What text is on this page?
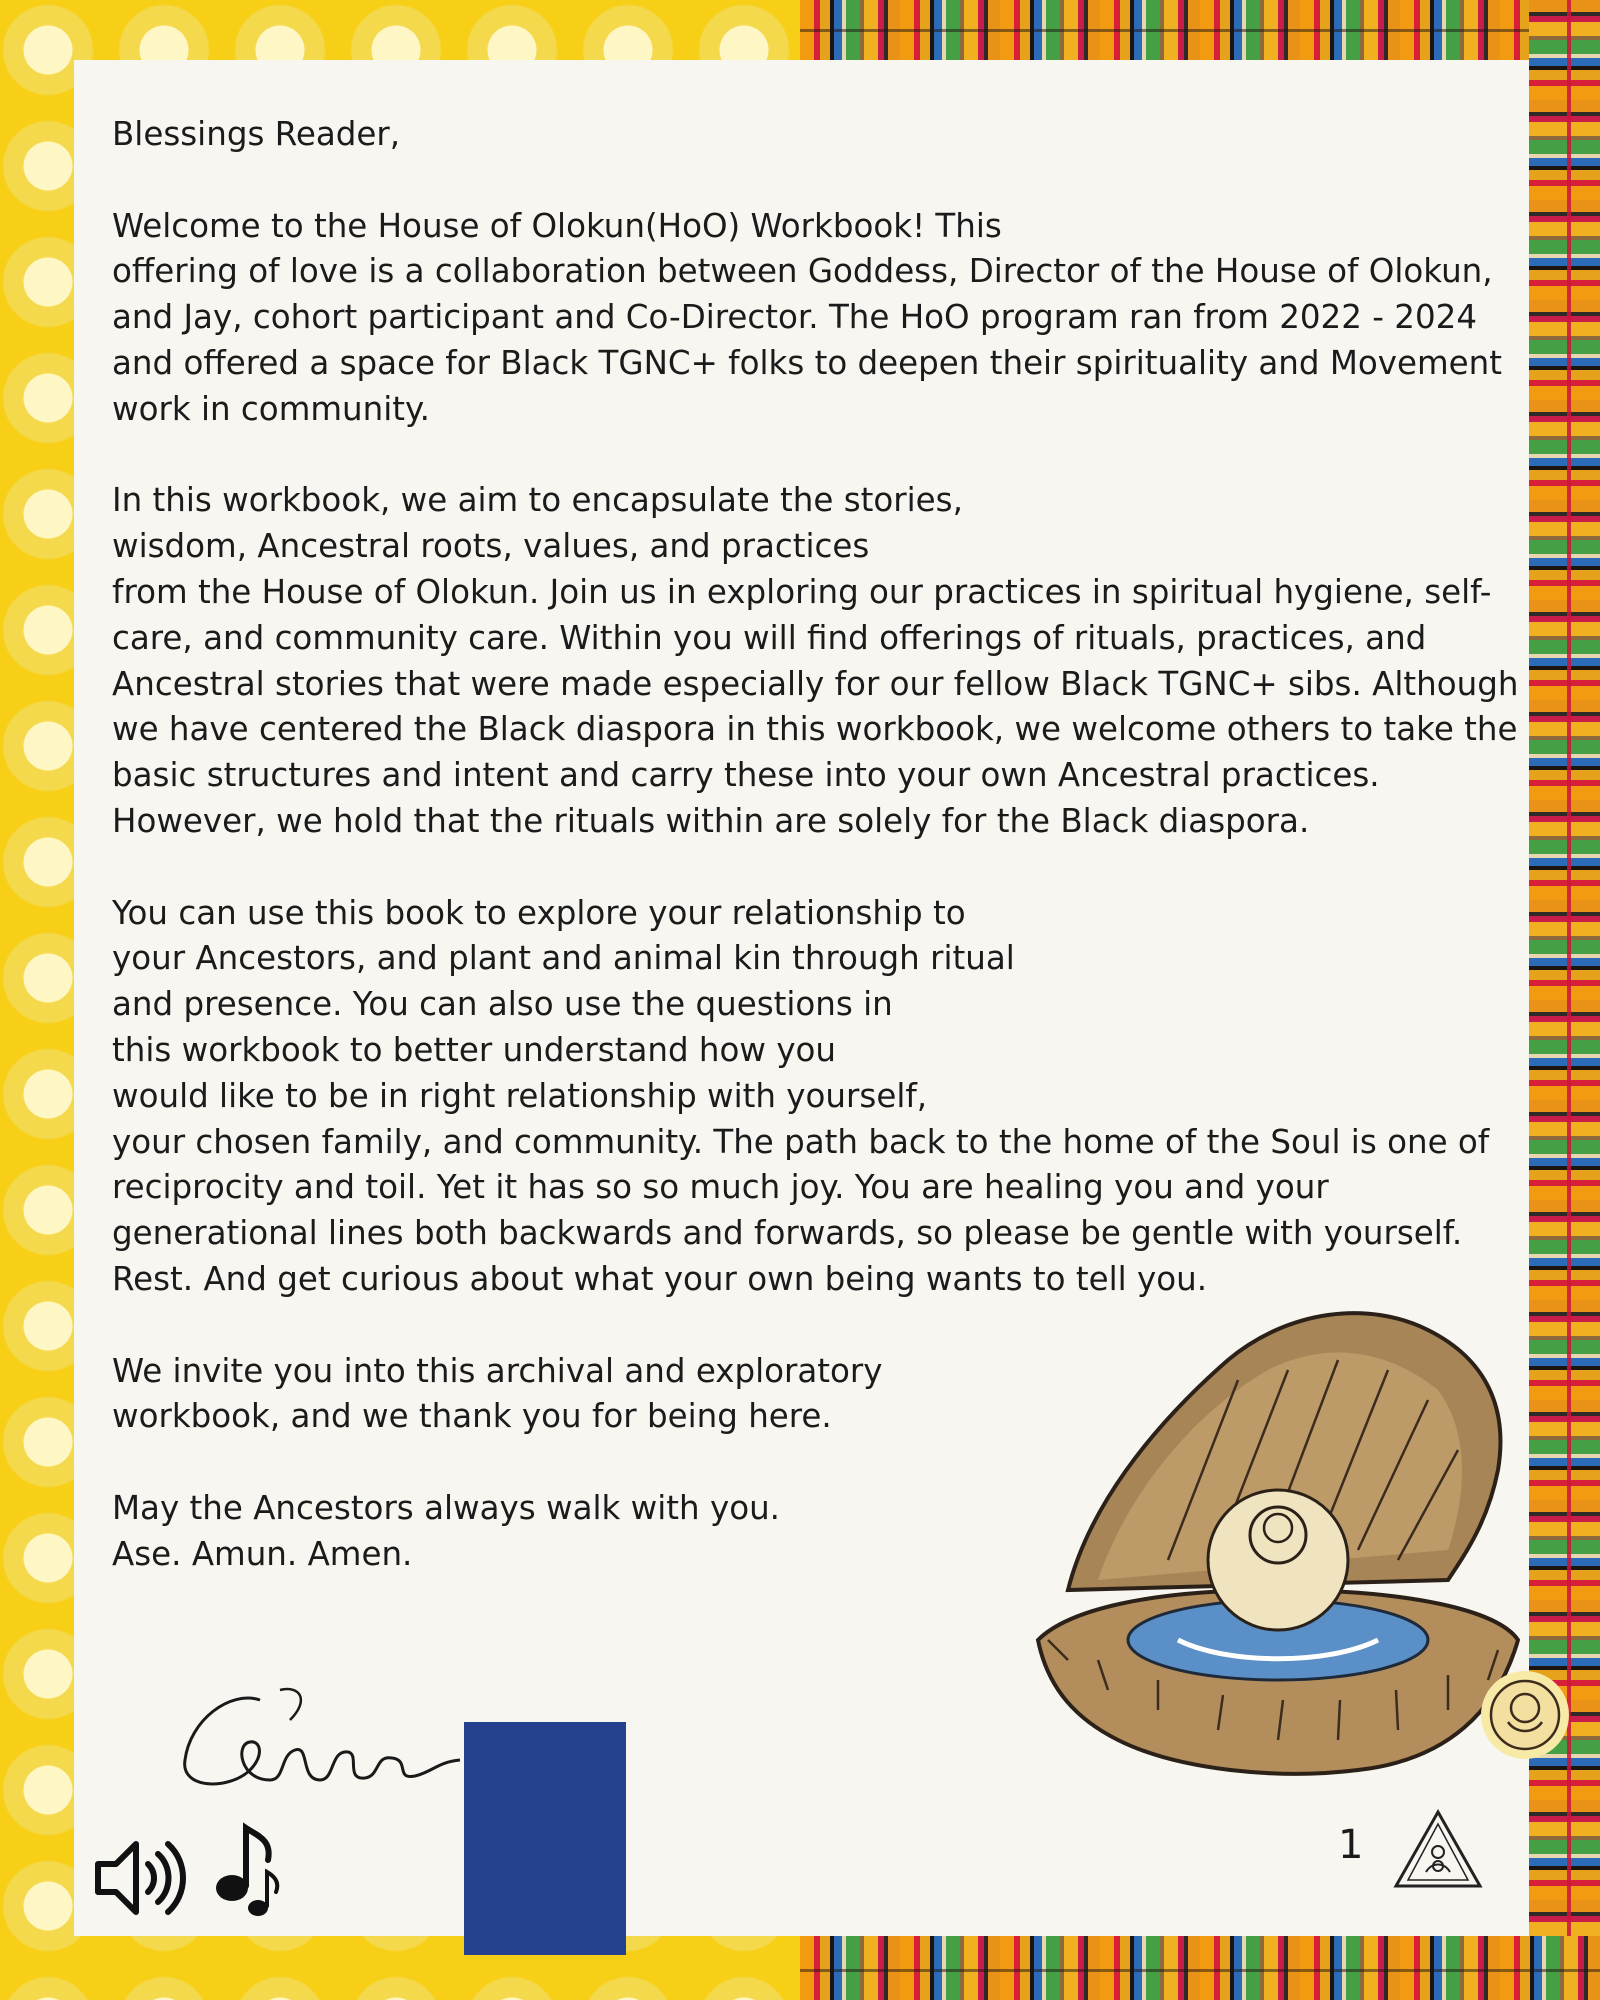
Blessings Reader,

Welcome to the House of Olokun(HoO) Workbook! This
offering of love is a collaboration between Goddess, Director of the House of Olokun,
and Jay, cohort participant and Co-Director. The HoO program ran from 2022 - 2024
and offered a space for Black TGNC+ folks to deepen their spirituality and Movement
work in community.

In this workbook, we aim to encapsulate the stories,
wisdom, Ancestral roots, values, and practices
from the House of Olokun. Join us in exploring our practices in spiritual hygiene, self-
care, and community care. Within you will find offerings of rituals, practices, and
Ancestral stories that were made especially for our fellow Black TGNC+ sibs. Although
we have centered the Black diaspora in this workbook, we welcome others to take the
basic structures and intent and carry these into your own Ancestral practices.
However, we hold that the rituals within are solely for the Black diaspora.

You can use this book to explore your relationship to
your Ancestors, and plant and animal kin through ritual
and presence. You can also use the questions in
this workbook to better understand how you
would like to be in right relationship with yourself,
your chosen family, and community. The path back to the home of the Soul is one of
reciprocity and toil. Yet it has so so much joy. You are healing you and your
generational lines both backwards and forwards, so please be gentle with yourself.
Rest. And get curious about what your own being wants to tell you.

We invite you into this archival and exploratory
workbook, and we thank you for being here.

May the Ancestors always walk with you.
Ase. Amun. Amen.

1
